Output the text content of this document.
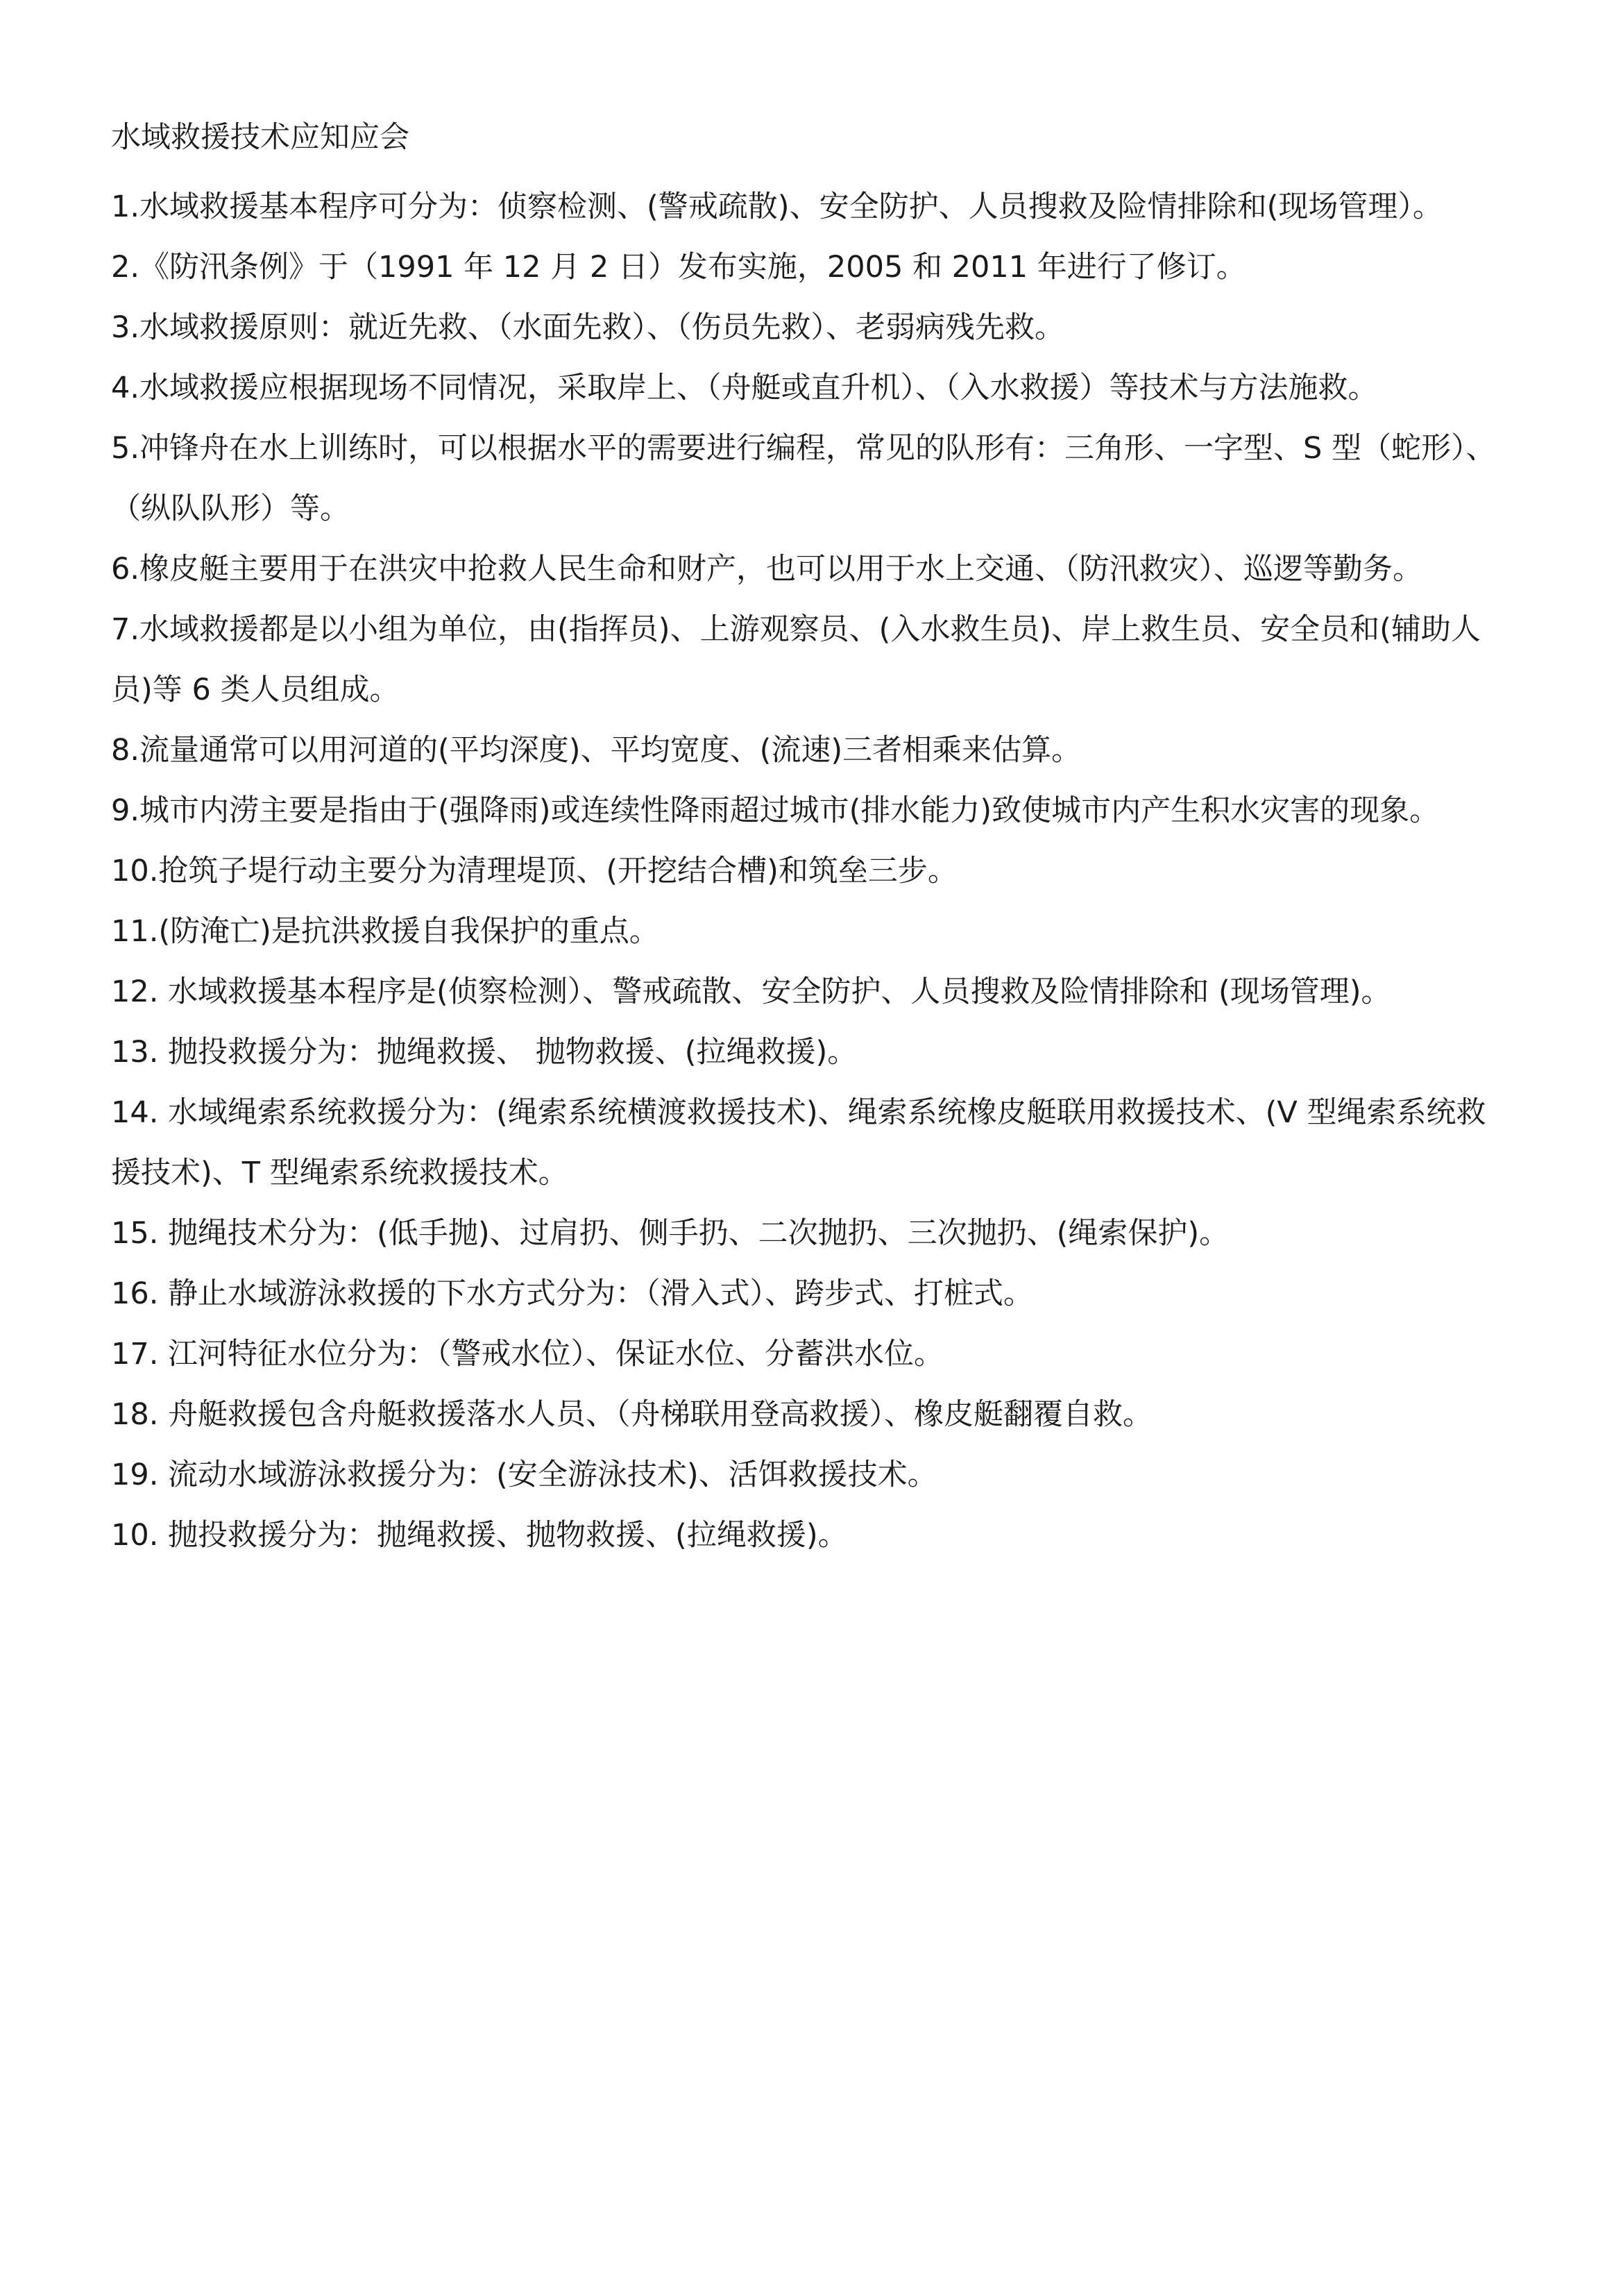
水域救援技术应知应会

1.水域救援基本程序可分为：侦察检测、(警戒疏散)、安全防护、人员搜救及险情排除和(现场管理）。

2.《防汛条例》于（1991 年 12 月 2 日）发布实施，2005 和 2011 年进行了修订。

3.水域救援原则：就近先救、（水面先救）、（伤员先救）、老弱病残先救。

4.水域救援应根据现场不同情况，采取岸上、（舟艇或直升机）、（入水救援）等技术与方法施救。

5.冲锋舟在水上训练时，可以根据水平的需要进行编程，常见的队形有：三角形、一字型、S 型（蛇形）、（纵队队形）等。

6.橡皮艇主要用于在洪灾中抢救人民生命和财产，也可以用于水上交通、（防汛救灾）、巡逻等勤务。

7.水域救援都是以小组为单位，由(指挥员)、上游观察员、(入水救生员)、岸上救生员、安全员和(辅助人员)等 6 类人员组成。

8.流量通常可以用河道的(平均深度)、平均宽度、(流速)三者相乘来估算。

9.城市内涝主要是指由于(强降雨)或连续性降雨超过城市(排水能力)致使城市内产生积水灾害的现象。

10.抢筑子堤行动主要分为清理堤顶、(开挖结合槽)和筑垒三步。

11.(防淹亡)是抗洪救援自我保护的重点。

12. 水域救援基本程序是(侦察检测）、警戒疏散、安全防护、人员搜救及险情排除和 (现场管理)。

13. 抛投救援分为：抛绳救援、 抛物救援、(拉绳救援)。

14. 水域绳索系统救援分为：(绳索系统横渡救援技术)、绳索系统橡皮艇联用救援技术、(V 型绳索系统救援技术)、T 型绳索系统救援技术。

15. 抛绳技术分为：(低手抛)、过肩扔、侧手扔、二次抛扔、三次抛扔、(绳索保护)。

16. 静止水域游泳救援的下水方式分为：（滑入式）、跨步式、打桩式。

17. 江河特征水位分为：（警戒水位）、保证水位、分蓄洪水位。

18. 舟艇救援包含舟艇救援落水人员、（舟梯联用登高救援）、橡皮艇翻覆自救。

19. 流动水域游泳救援分为：(安全游泳技术)、活饵救援技术。

10. 抛投救援分为：抛绳救援、抛物救援、(拉绳救援)。
